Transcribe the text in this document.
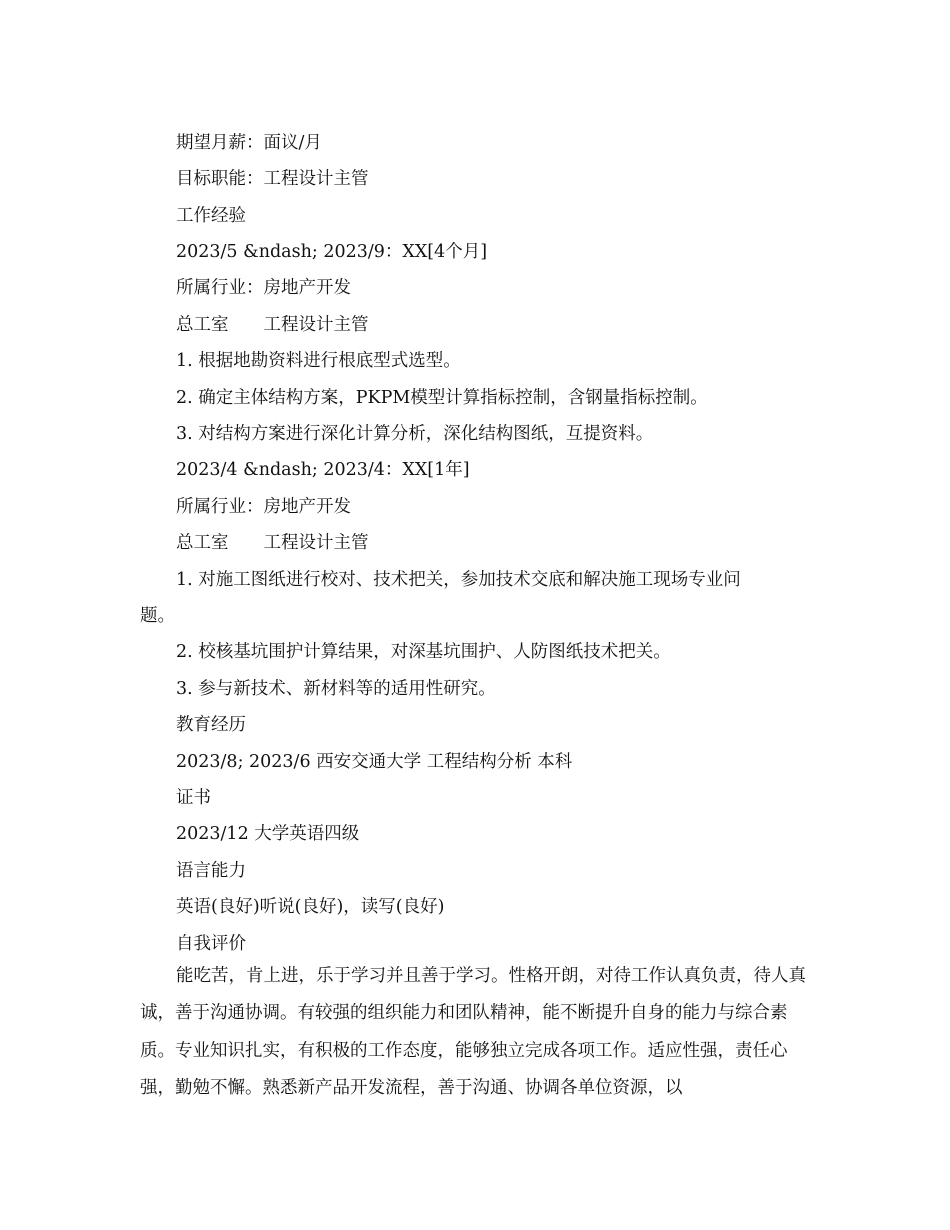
期望月薪：面议/月
目标职能：工程设计主管
工作经验
2023/5 &ndash; 2023/9：XX[4个月]
所属行业：房地产开发
总工室　　工程设计主管
1. 根据地勘资料进行根底型式选型。
2. 确定主体结构方案，PKPM模型计算指标控制，含钢量指标控制。
3. 对结构方案进行深化计算分析，深化结构图纸，互提资料。
2023/4 &ndash; 2023/4：XX[1年]
所属行业：房地产开发
总工室　　工程设计主管
1. 对施工图纸进行校对、技术把关，参加技术交底和解决施工现场专业问
题。
2. 校核基坑围护计算结果，对深基坑围护、人防图纸技术把关。
3. 参与新技术、新材料等的适用性研究。
教育经历
2023/8; 2023/6 西安交通大学 工程结构分析 本科
证书
2023/12 大学英语四级
语言能力
英语(良好)听说(良好)，读写(良好)
自我评价
能吃苦，肯上进，乐于学习并且善于学习。性格开朗，对待工作认真负责，待人真诚，善于沟通协调。有较强的组织能力和团队精神，能不断提升自身的能力与综合素质。专业知识扎实，有积极的工作态度，能够独立完成各项工作。适应性强，责任心强，勤勉不懈。熟悉新产品开发流程，善于沟通、协调各单位资源，以
